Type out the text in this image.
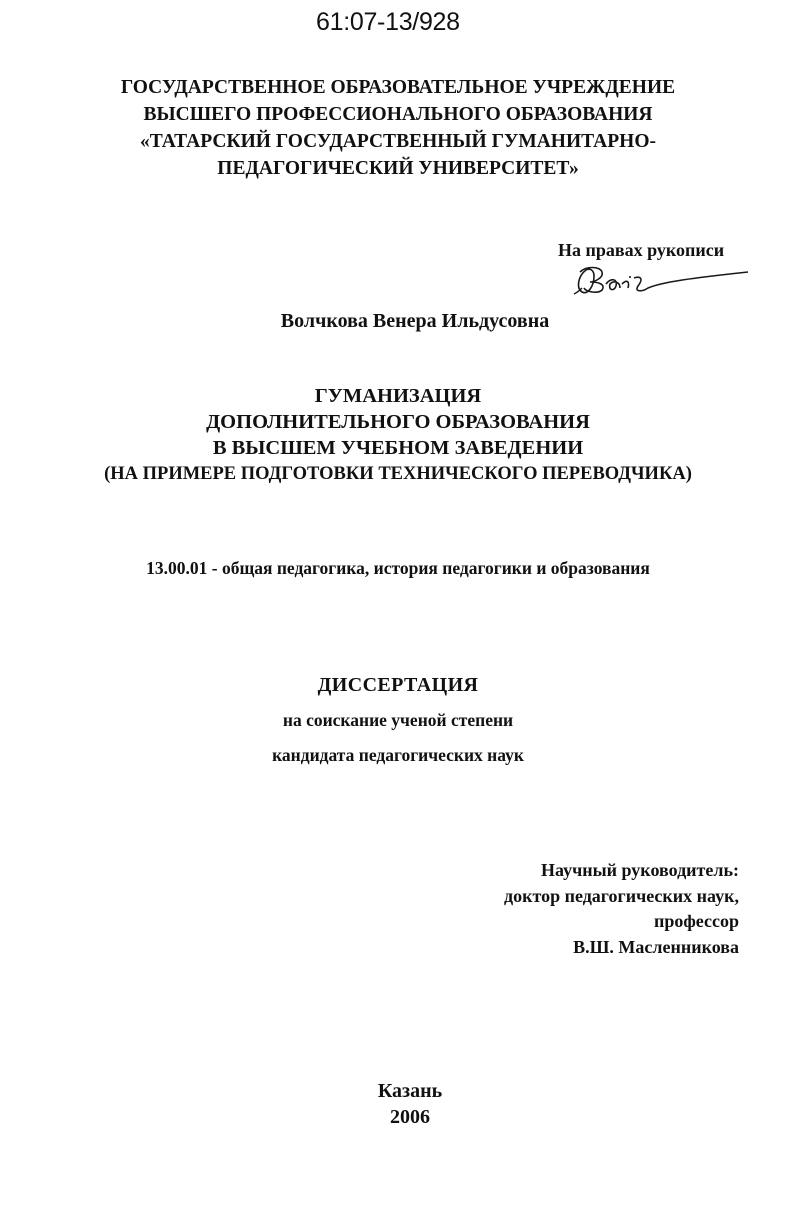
61:07-13/928
ГОСУДАРСТВЕННОЕ ОБРАЗОВАТЕЛЬНОЕ УЧРЕЖДЕНИЕ
ВЫСШЕГО ПРОФЕССИОНАЛЬНОГО ОБРАЗОВАНИЯ
«ТАТАРСКИЙ ГОСУДАРСТВЕННЫЙ ГУМАНИТАРНО-
ПЕДАГОГИЧЕСКИЙ УНИВЕРСИТЕТ»
На правах рукописи
Волчкова Венера Ильдусовна
ГУМАНИЗАЦИЯ
ДОПОЛНИТЕЛЬНОГО ОБРАЗОВАНИЯ
В ВЫСШЕМ УЧЕБНОМ ЗАВЕДЕНИИ
(НА ПРИМЕРЕ ПОДГОТОВКИ ТЕХНИЧЕСКОГО ПЕРЕВОДЧИКА)
13.00.01 - общая педагогика, история педагогики и образования
ДИССЕРТАЦИЯ
на соискание ученой степени
кандидата педагогических наук
Научный руководитель:
доктор педагогических наук,
профессор
В.Ш. Масленникова
Казань
2006
